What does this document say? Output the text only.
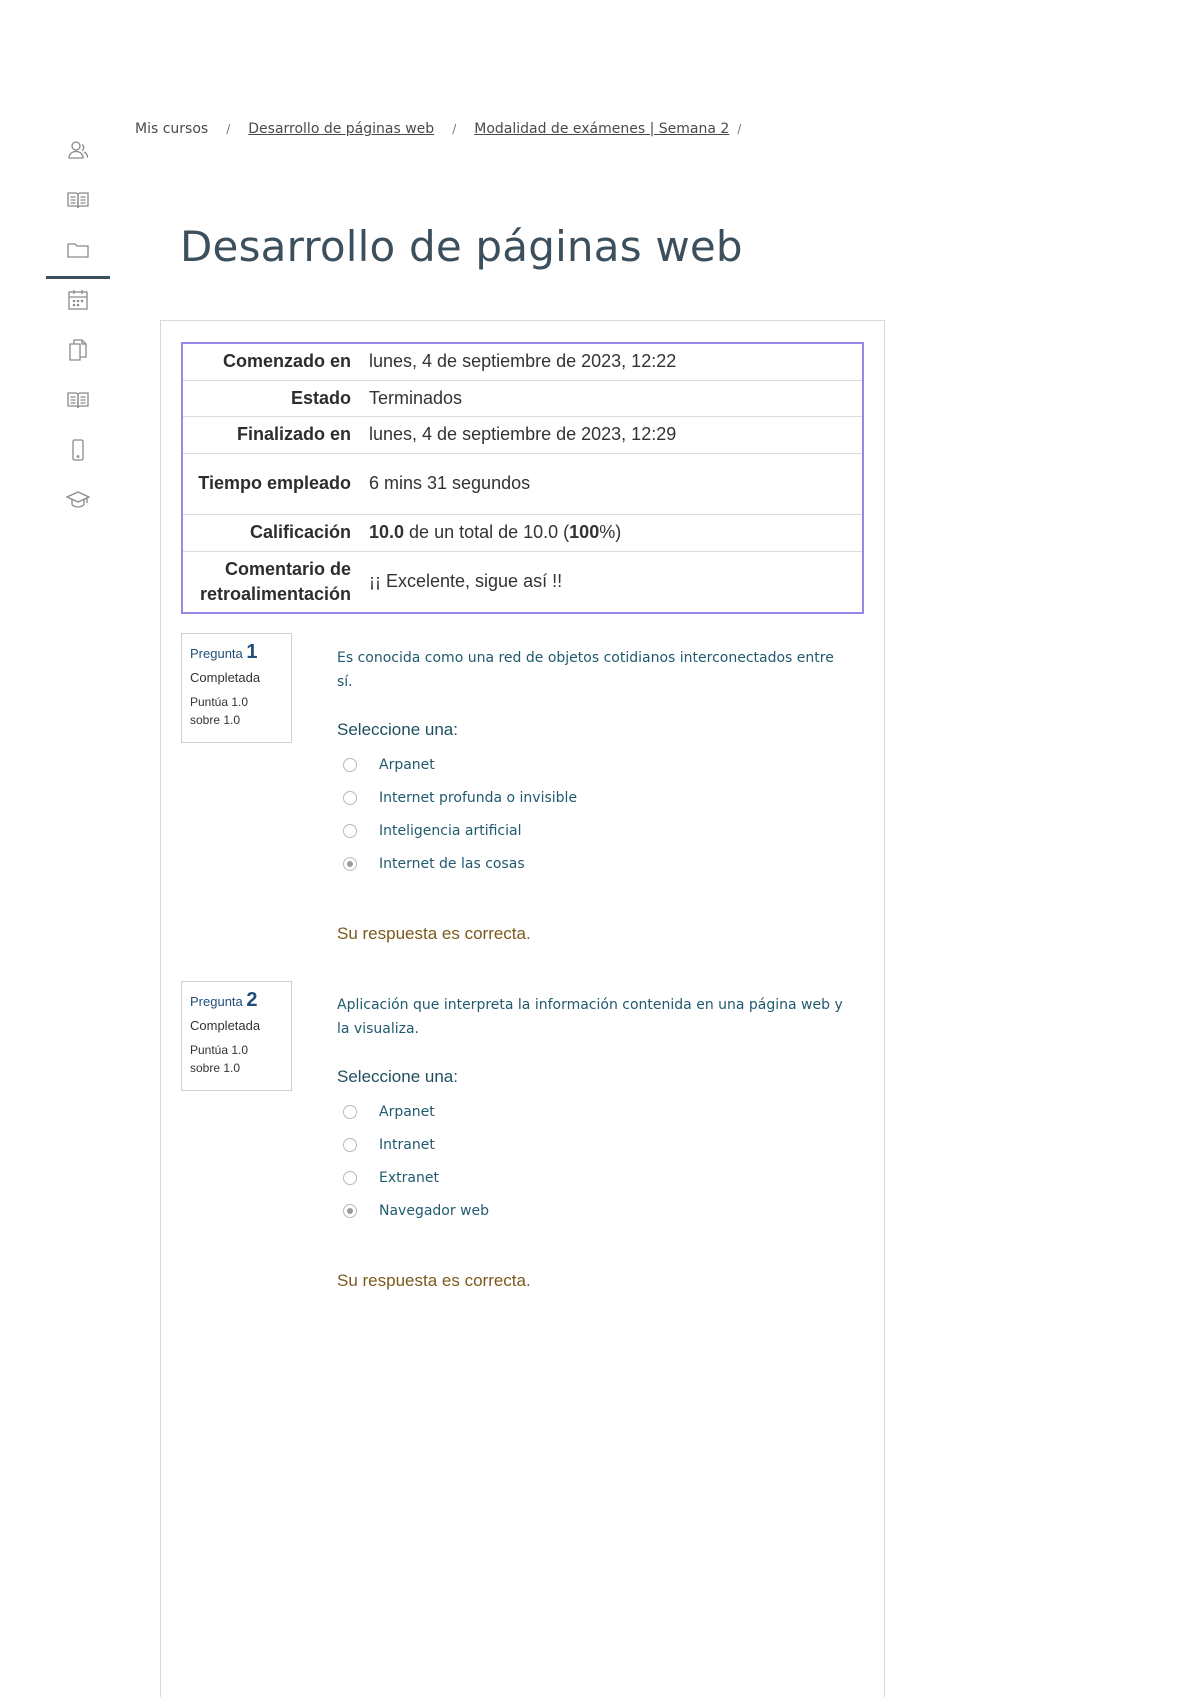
Mis cursos / Desarrollo de páginas web / Modalidad de exámenes | Semana 2 /
Desarrollo de páginas web
Comenzado en	lunes, 4 de septiembre de 2023, 12:22
Estado	Terminados
Finalizado en	lunes, 4 de septiembre de 2023, 12:29
Tiempo empleado	6 mins 31 segundos
Calificación	10.0 de un total de 10.0 (100%)
Comentario de retroalimentación	¡¡ Excelente, sigue así !!
Pregunta 1
Completada
Puntúa 1.0 sobre 1.0
Es conocida como una red de objetos cotidianos interconectados entre sí.
Seleccione una:
Arpanet
Internet profunda o invisible
Inteligencia artificial
Internet de las cosas
Su respuesta es correcta.
Pregunta 2
Completada
Puntúa 1.0 sobre 1.0
Aplicación que interpreta la información contenida en una página web y la visualiza.
Seleccione una:
Arpanet
Intranet
Extranet
Navegador web
Su respuesta es correcta.
